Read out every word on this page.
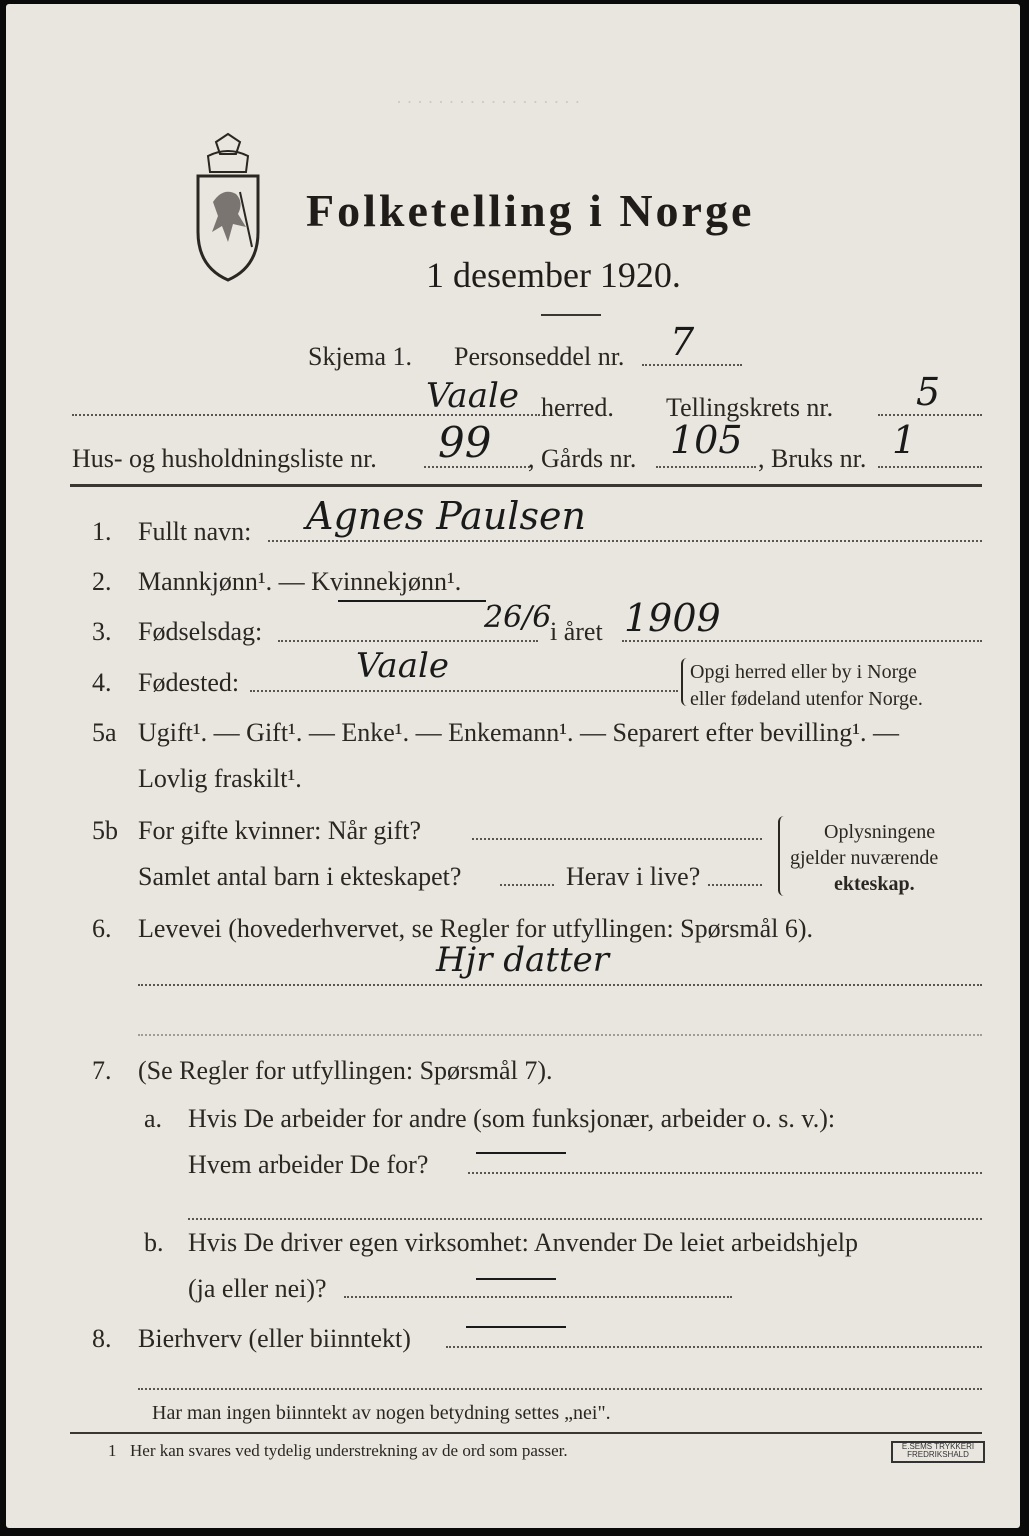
· · · · · · · · · · · · · · · · · ·
Folketelling i Norge
1 desember 1920.
Skjema 1. Personseddel nr. 7
Vaale herred. Tellingskrets nr. 5
Hus- og husholdningsliste nr. 99 , Gårds nr. 105 , Bruks nr. 1
1. Fullt navn: Agnes Paulsen
2. Mannkjønn¹. — Kvinnekjønn¹.
3. Fødselsdag:	26/6
i året 1909
4. Fødested:	Vaale	Opgi herred eller by i Norge
eller fødeland utenfor Norge.
5a Ugift¹. — Gift¹. — Enke¹. — Enkemann¹. — Separert efter bevilling¹. —
Lovlig fraskilt¹.
5b For gifte kvinner: Når gift?
Samlet antal barn i ekteskapet?	Herav i live?
Oplysningene
gjelder nuværende
ekteskap.
6. Levevei (hovederhvervet, se Regler for utfyllingen: Spørsmål 6).
Hjr datter
7. (Se Regler for utfyllingen: Spørsmål 7).
a. Hvis De arbeider for andre (som funksjonær, arbeider o. s. v.):
Hvem arbeider De for?
b. Hvis De driver egen virksomhet: Anvender De leiet arbeidshjelp
(ja eller nei)?
8. Bierhverv (eller biinntekt)
Har man ingen biinntekt av nogen betydning settes „nei".
1 Her kan svares ved tydelig understrekning av de ord som passer.	E.SEMS TRYKKERI FREDRIKSHALD
